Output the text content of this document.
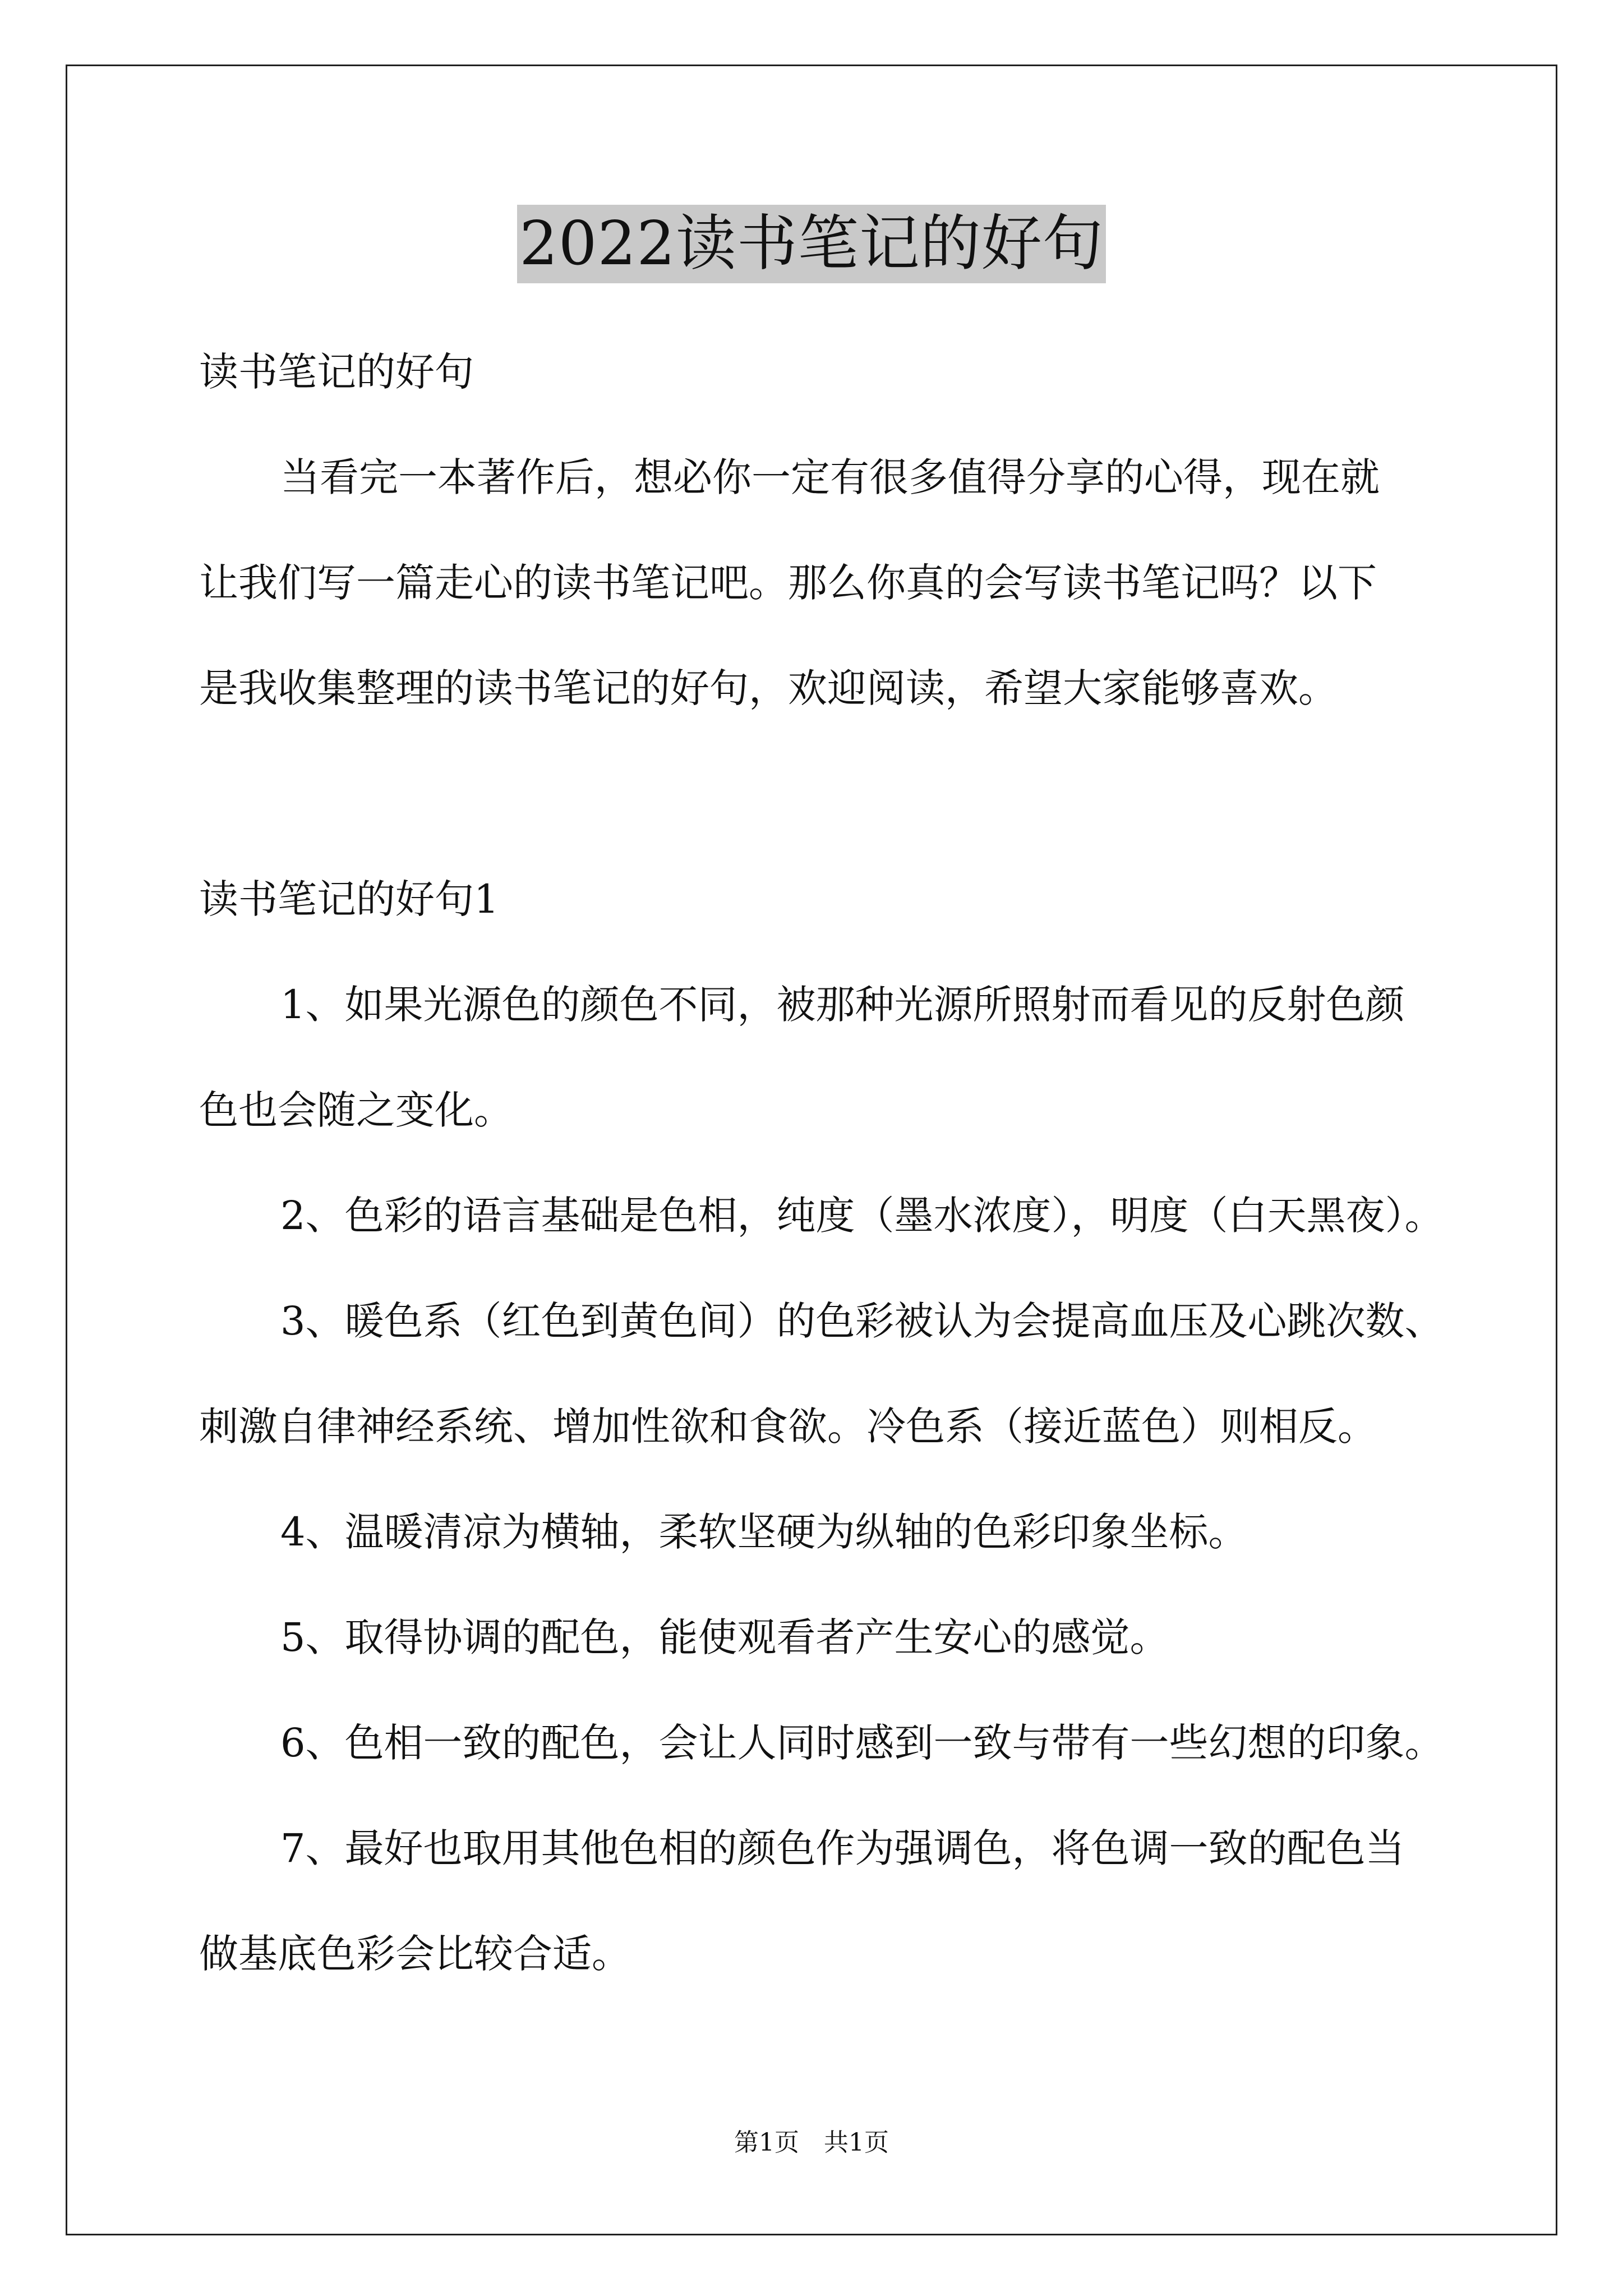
2022读书笔记的好句

读书笔记的好句

当看完一本著作后，想必你一定有很多值得分享的心得，现在就

让我们写一篇走心的读书笔记吧。那么你真的会写读书笔记吗？以下

是我收集整理的读书笔记的好句，欢迎阅读，希望大家能够喜欢。

读书笔记的好句1

1、如果光源色的颜色不同，被那种光源所照射而看见的反射色颜

色也会随之变化。

2、色彩的语言基础是色相，纯度（墨水浓度），明度（白天黑夜）。

3、暖色系（红色到黄色间）的色彩被认为会提高血压及心跳次数、

刺激自律神经系统、增加性欲和食欲。冷色系（接近蓝色）则相反。

4、温暖清凉为横轴，柔软坚硬为纵轴的色彩印象坐标。

5、取得协调的配色，能使观看者产生安心的感觉。

6、色相一致的配色，会让人同时感到一致与带有一些幻想的印象。

7、最好也取用其他色相的颜色作为强调色，将色调一致的配色当

做基底色彩会比较合适。

第1页　共1页
